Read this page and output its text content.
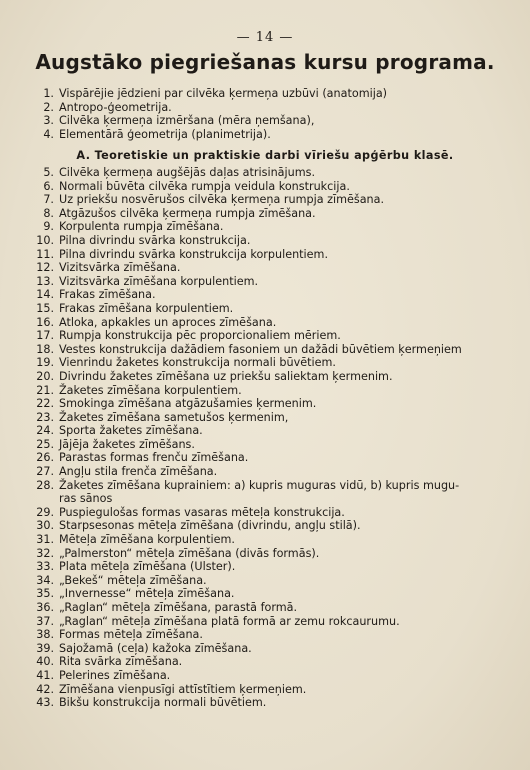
— 14 —
Augstāko piegriešanas kursu programa.
1. Vispārējie jēdzieni par cilvēka ķermeņa uzbūvi (anatomija)
2. Antropo-ģeometrija.
3. Cilvēka ķermeņa izmēršana (mēra ņemšana),
4. Elementārā ģeometrija (planimetrija).
A. Teoretiskie un praktiskie darbi vīriešu apģērbu klasē.
5. Cilvēka ķermeņa augšējās daļas atrisinājums.
6. Normali būvēta cilvēka rumpja veidula konstrukcija.
7. Uz priekšu nosvērušos cilvēka ķermeņa rumpja zīmēšana.
8. Atgāzušos cilvēka ķermeņa rumpja zīmēšana.
9. Korpulenta rumpja zīmēšana.
10. Pilna divrindu svārka konstrukcija.
11. Pilna divrindu svārka konstrukcija korpulentiem.
12. Vizitsvārka zīmēšana.
13. Vizitsvārka zīmēšana korpulentiem.
14. Frakas zīmēšana.
15. Frakas zīmēšana korpulentiem.
16. Atloka, apkakles un aproces zīmēšana.
17. Rumpja konstrukcija pēc proporcionaliem mēriem.
18. Vestes konstrukcija dažādiem fasoniem un dažādi būvētiem ķermeņiem
19. Vienrindu žaketes konstrukcija normali būvētiem.
20. Divrindu žaketes zīmēšana uz priekšu saliektam ķermenim.
21. Žaketes zīmēšana korpulentiem.
22. Smokinga zīmēšana atgāzušamies ķermenim.
23. Žaketes zīmēšana sametušos ķermenim,
24. Sporta žaketes zīmēšana.
25. Jājēja žaketes zīmēšans.
26. Parastas formas frenču zīmēšana.
27. Angļu stila frenča zīmēšana.
28. Žaketes zīmēšana kuprainiem: a) kupris muguras vidū, b) kupris mugu-
ras sānos
29. Puspiegulošas formas vasaras mēteļa konstrukcija.
30. Starpsesonas mēteļa zīmēšana (divrindu, angļu stilā).
31. Mēteļa zīmēšana korpulentiem.
32. „Palmerston“ mēteļa zīmēšana (divās formās).
33. Plata mēteļa zīmēšana (Ulster).
34. „Bekeš“ mēteļa zīmēšana.
35. „Invernesse“ mēteļa zīmēšana.
36. „Raglan“ mēteļa zīmēšana, parastā formā.
37. „Raglan“ mēteļa zīmēšana platā formā ar zemu rokcaurumu.
38. Formas mēteļa zīmēšana.
39. Sajožamā (ceļa) kažoka zīmēšana.
40. Rita svārka zīmēšana.
41. Pelerines zīmēšana.
42. Zīmēšana vienpusīgi attīstītiem ķermeņiem.
43. Bikšu konstrukcija normali būvētiem.
